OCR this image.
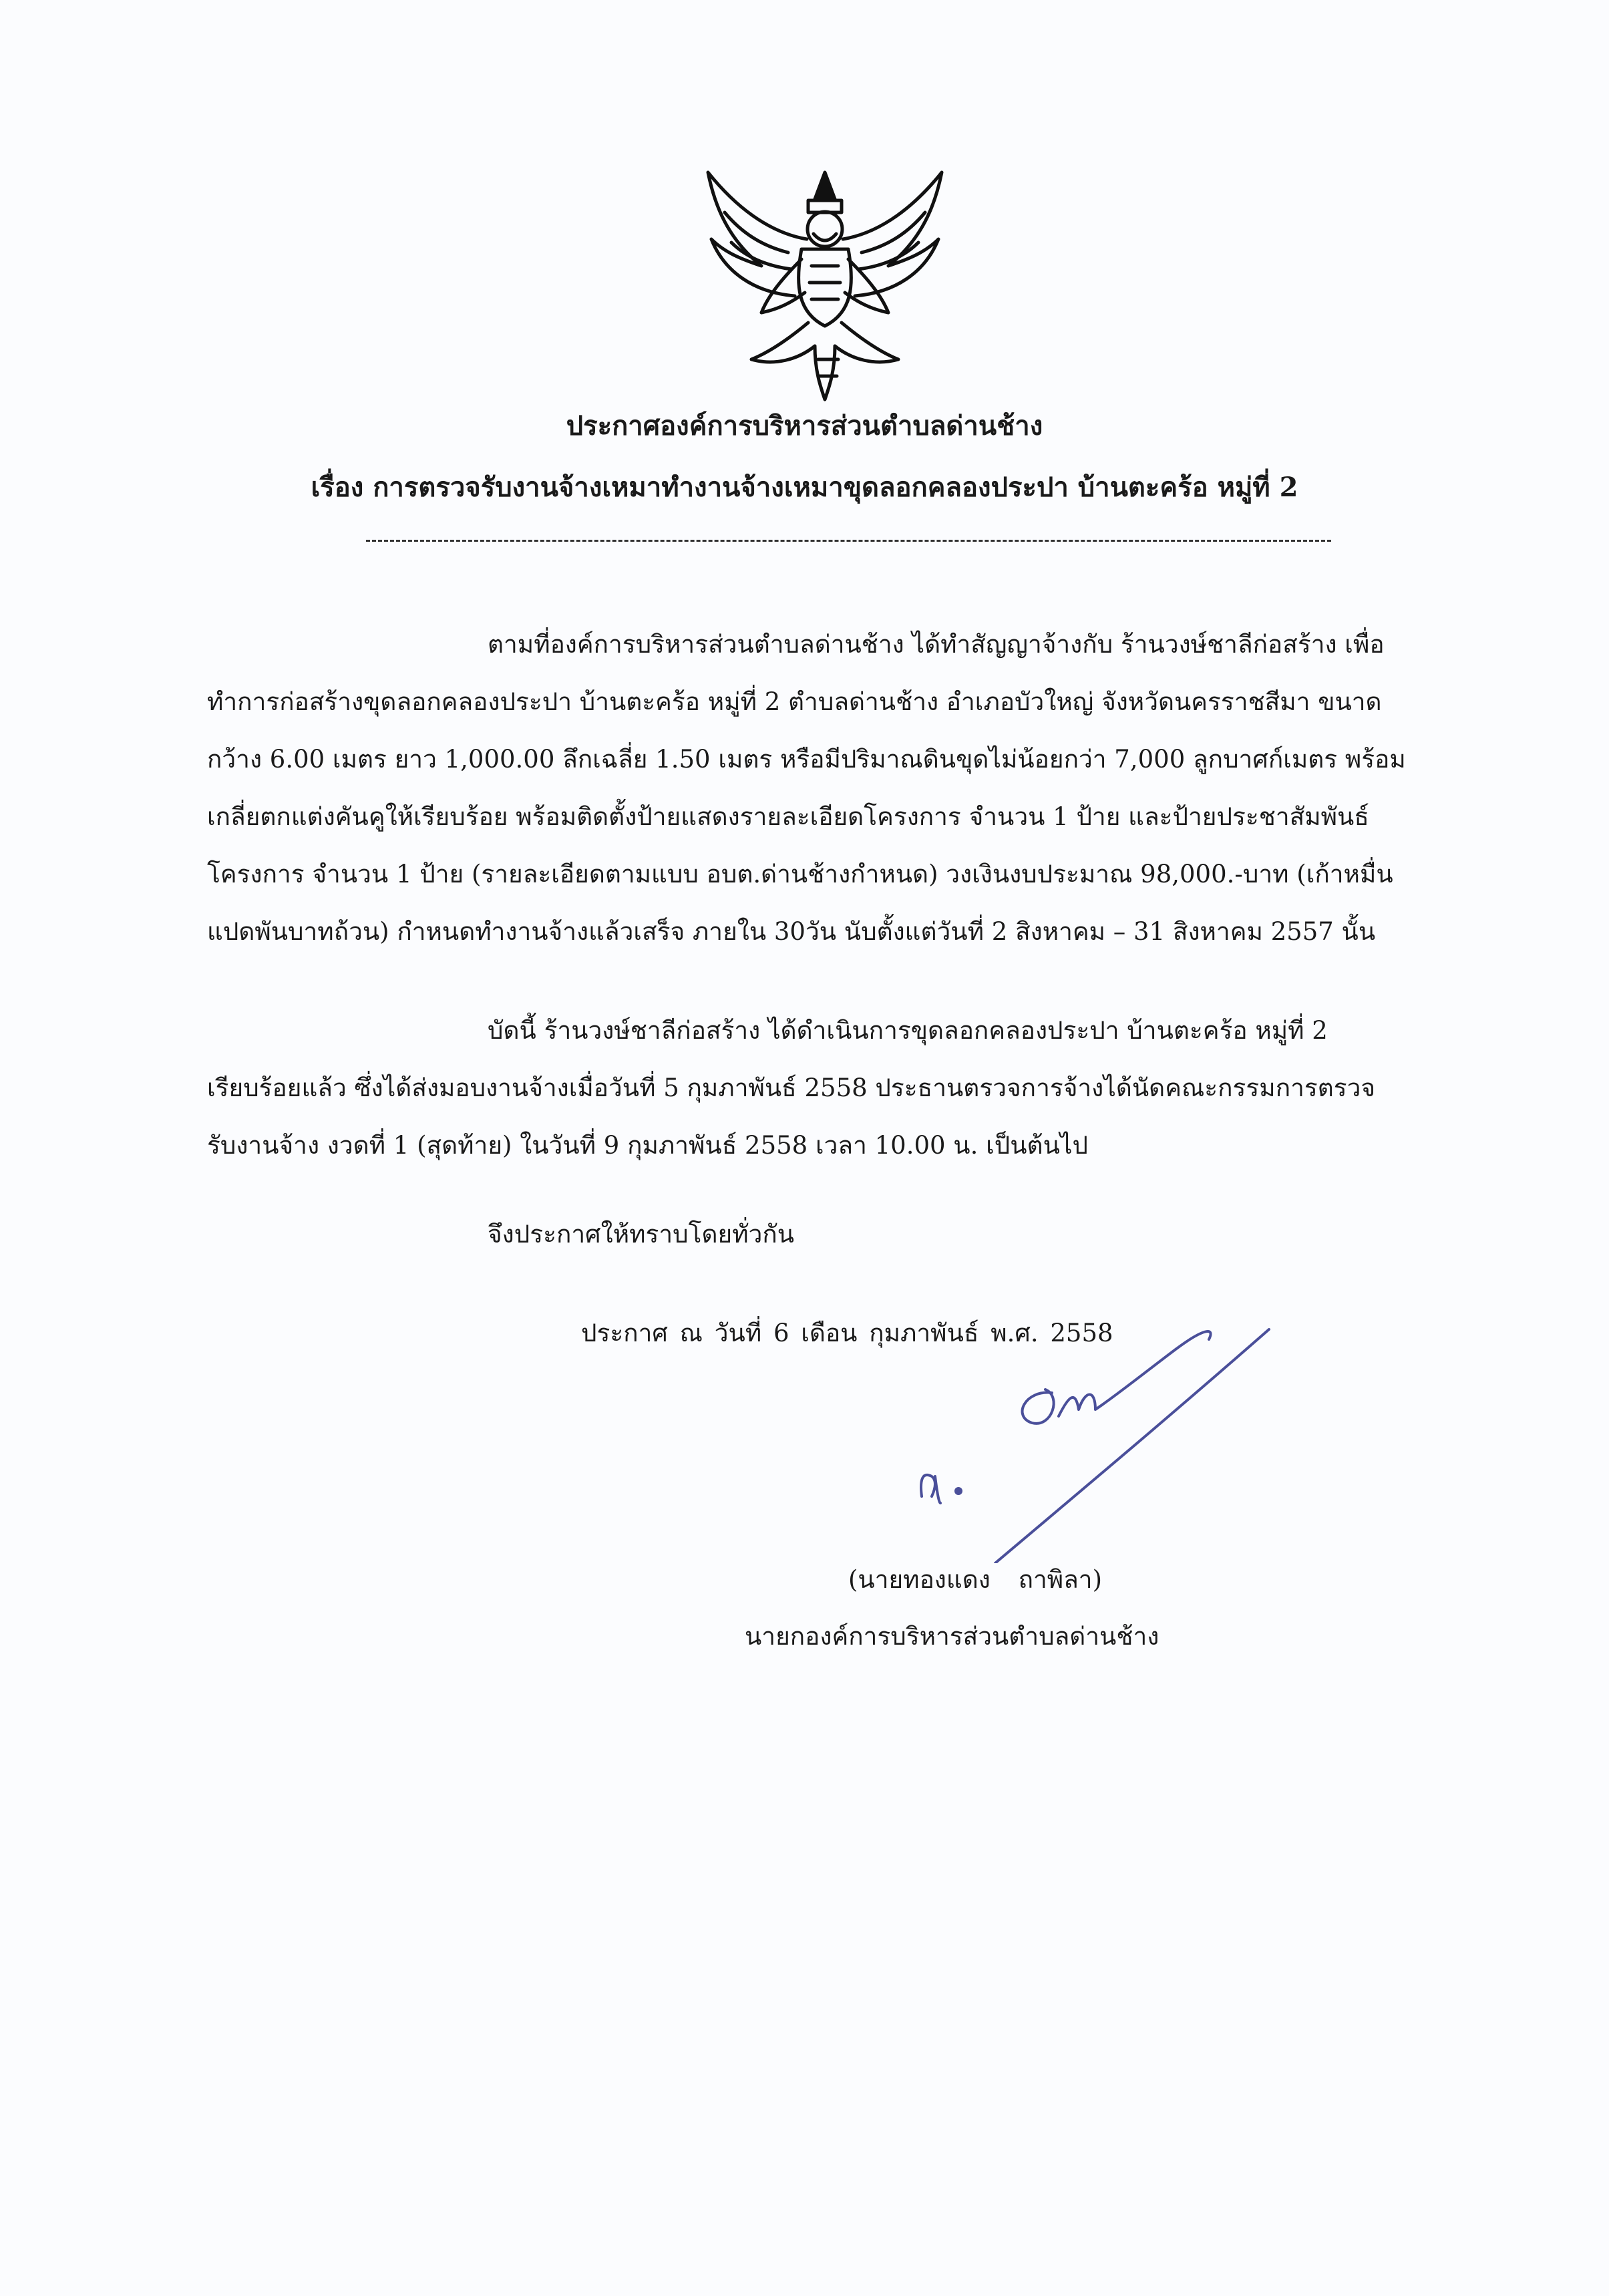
ประกาศองค์การบริหารส่วนตำบลด่านช้าง
เรื่อง การตรวจรับงานจ้างเหมาทำงานจ้างเหมาขุดลอกคลองประปา บ้านตะคร้อ หมู่ที่ 2
ตามที่องค์การบริหารส่วนตำบลด่านช้าง ได้ทำสัญญาจ้างกับ ร้านวงษ์ชาลีก่อสร้าง เพื่อ
ทำการก่อสร้างขุดลอกคลองประปา บ้านตะคร้อ หมู่ที่ 2 ตำบลด่านช้าง อำเภอบัวใหญ่ จังหวัดนครราชสีมา ขนาด
กว้าง 6.00 เมตร ยาว 1,000.00 ลึกเฉลี่ย 1.50 เมตร หรือมีปริมาณดินขุดไม่น้อยกว่า 7,000 ลูกบาศก์เมตร พร้อม
เกลี่ยตกแต่งคันคูให้เรียบร้อย พร้อมติดตั้งป้ายแสดงรายละเอียดโครงการ จำนวน 1 ป้าย และป้ายประชาสัมพันธ์
โครงการ จำนวน 1 ป้าย (รายละเอียดตามแบบ อบต.ด่านช้างกำหนด) วงเงินงบประมาณ 98,000.-บาท (เก้าหมื่น
แปดพันบาทถ้วน) กำหนดทำงานจ้างแล้วเสร็จ ภายใน 30วัน นับตั้งแต่วันที่ 2 สิงหาคม – 31 สิงหาคม 2557 นั้น
บัดนี้ ร้านวงษ์ชาลีก่อสร้าง ได้ดำเนินการขุดลอกคลองประปา บ้านตะคร้อ หมู่ที่ 2
เรียบร้อยแล้ว ซึ่งได้ส่งมอบงานจ้างเมื่อวันที่ 5 กุมภาพันธ์ 2558 ประธานตรวจการจ้างได้นัดคณะกรรมการตรวจ
รับงานจ้าง งวดที่ 1 (สุดท้าย) ในวันที่ 9 กุมภาพันธ์ 2558 เวลา 10.00 น. เป็นต้นไป
จึงประกาศให้ทราบโดยทั่วกัน
ประกาศ ณ วันที่ 6 เดือน กุมภาพันธ์ พ.ศ. 2558
(นายทองแดง ถาพิลา)
นายกองค์การบริหารส่วนตำบลด่านช้าง
